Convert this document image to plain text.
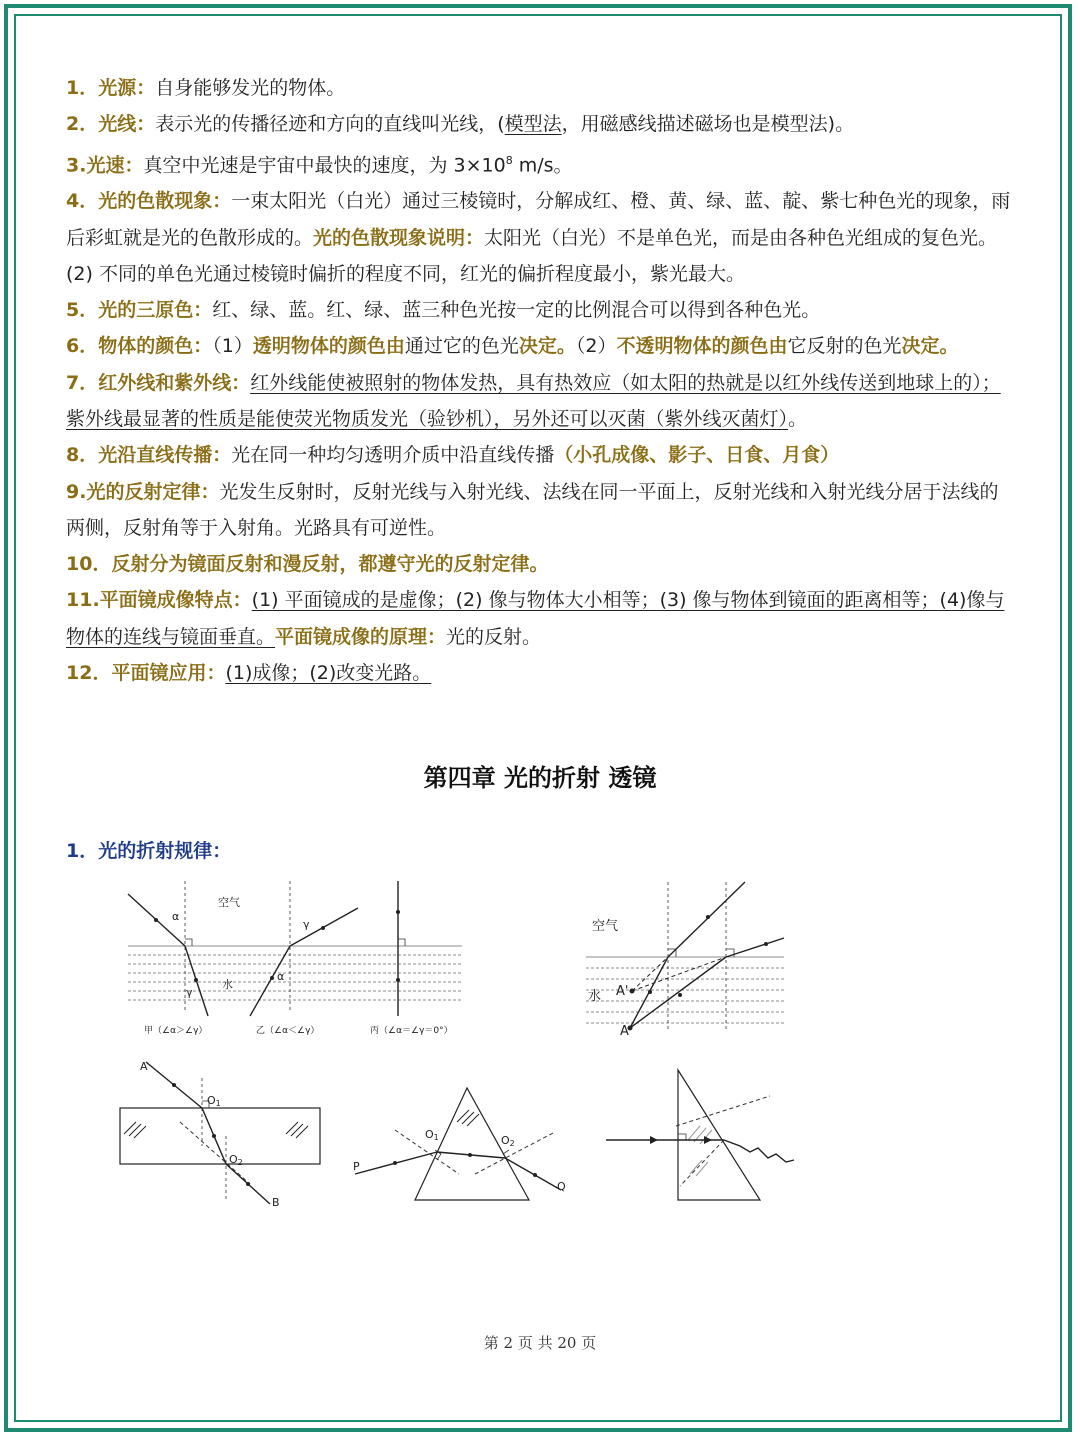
1．光源：自身能够发光的物体。

2．光线：表示光的传播径迹和方向的直线叫光线，(模型法，用磁感线描述磁场也是模型法)。

3.光速：真空中光速是宇宙中最快的速度，为 $3\times 10^8$ m/s。

4．光的色散现象：一束太阳光（白光）通过三棱镜时，分解成红、橙、黄、绿、蓝、靛、紫七种色光的现象，雨后彩虹就是光的色散形成的。光的色散现象说明：太阳光（白光）不是单色光，而是由各种色光组成的复色光。(2) 不同的单色光通过棱镜时偏折的程度不同，红光的偏折程度最小，紫光最大。

5．光的三原色：红、绿、蓝。红、绿、蓝三种色光按一定的比例混合可以得到各种色光。

6．物体的颜色：（1）透明物体的颜色由通过它的色光决定。（2）不透明物体的颜色由它反射的色光决定。

7．红外线和紫外线：红外线能使被照射的物体发热，具有热效应（如太阳的热就是以红外线传送到地球上的）；紫外线最显著的性质是能使荧光物质发光（验钞机），另外还可以灭菌（紫外线灭菌灯）。

8．光沿直线传播：光在同一种均匀透明介质中沿直线传播（小孔成像、影子、日食、月食）

9.光的反射定律：光发生反射时，反射光线与入射光线、法线在同一平面上，反射光线和入射光线分居于法线的两侧，反射角等于入射角。光路具有可逆性。

10．反射分为镜面反射和漫反射，都遵守光的反射定律。

11.平面镜成像特点：(1) 平面镜成的是虚像；(2) 像与物体大小相等；(3) 像与物体到镜面的距离相等；(4)像与物体的连线与镜面垂直。平面镜成像的原理：光的反射。

12．平面镜应用：(1)成像；(2)改变光路。

第四章 光的折射 透镜
1．光的折射规律：
空气
水
α
γ
γ
α
甲（∠α＞∠γ）	乙（∠α＜∠γ）	丙（∠α＝∠γ＝0°）
空气
水 A'
A
A
B
O1
O2	P
Q
O1	O2
第 2 页 共 20 页
